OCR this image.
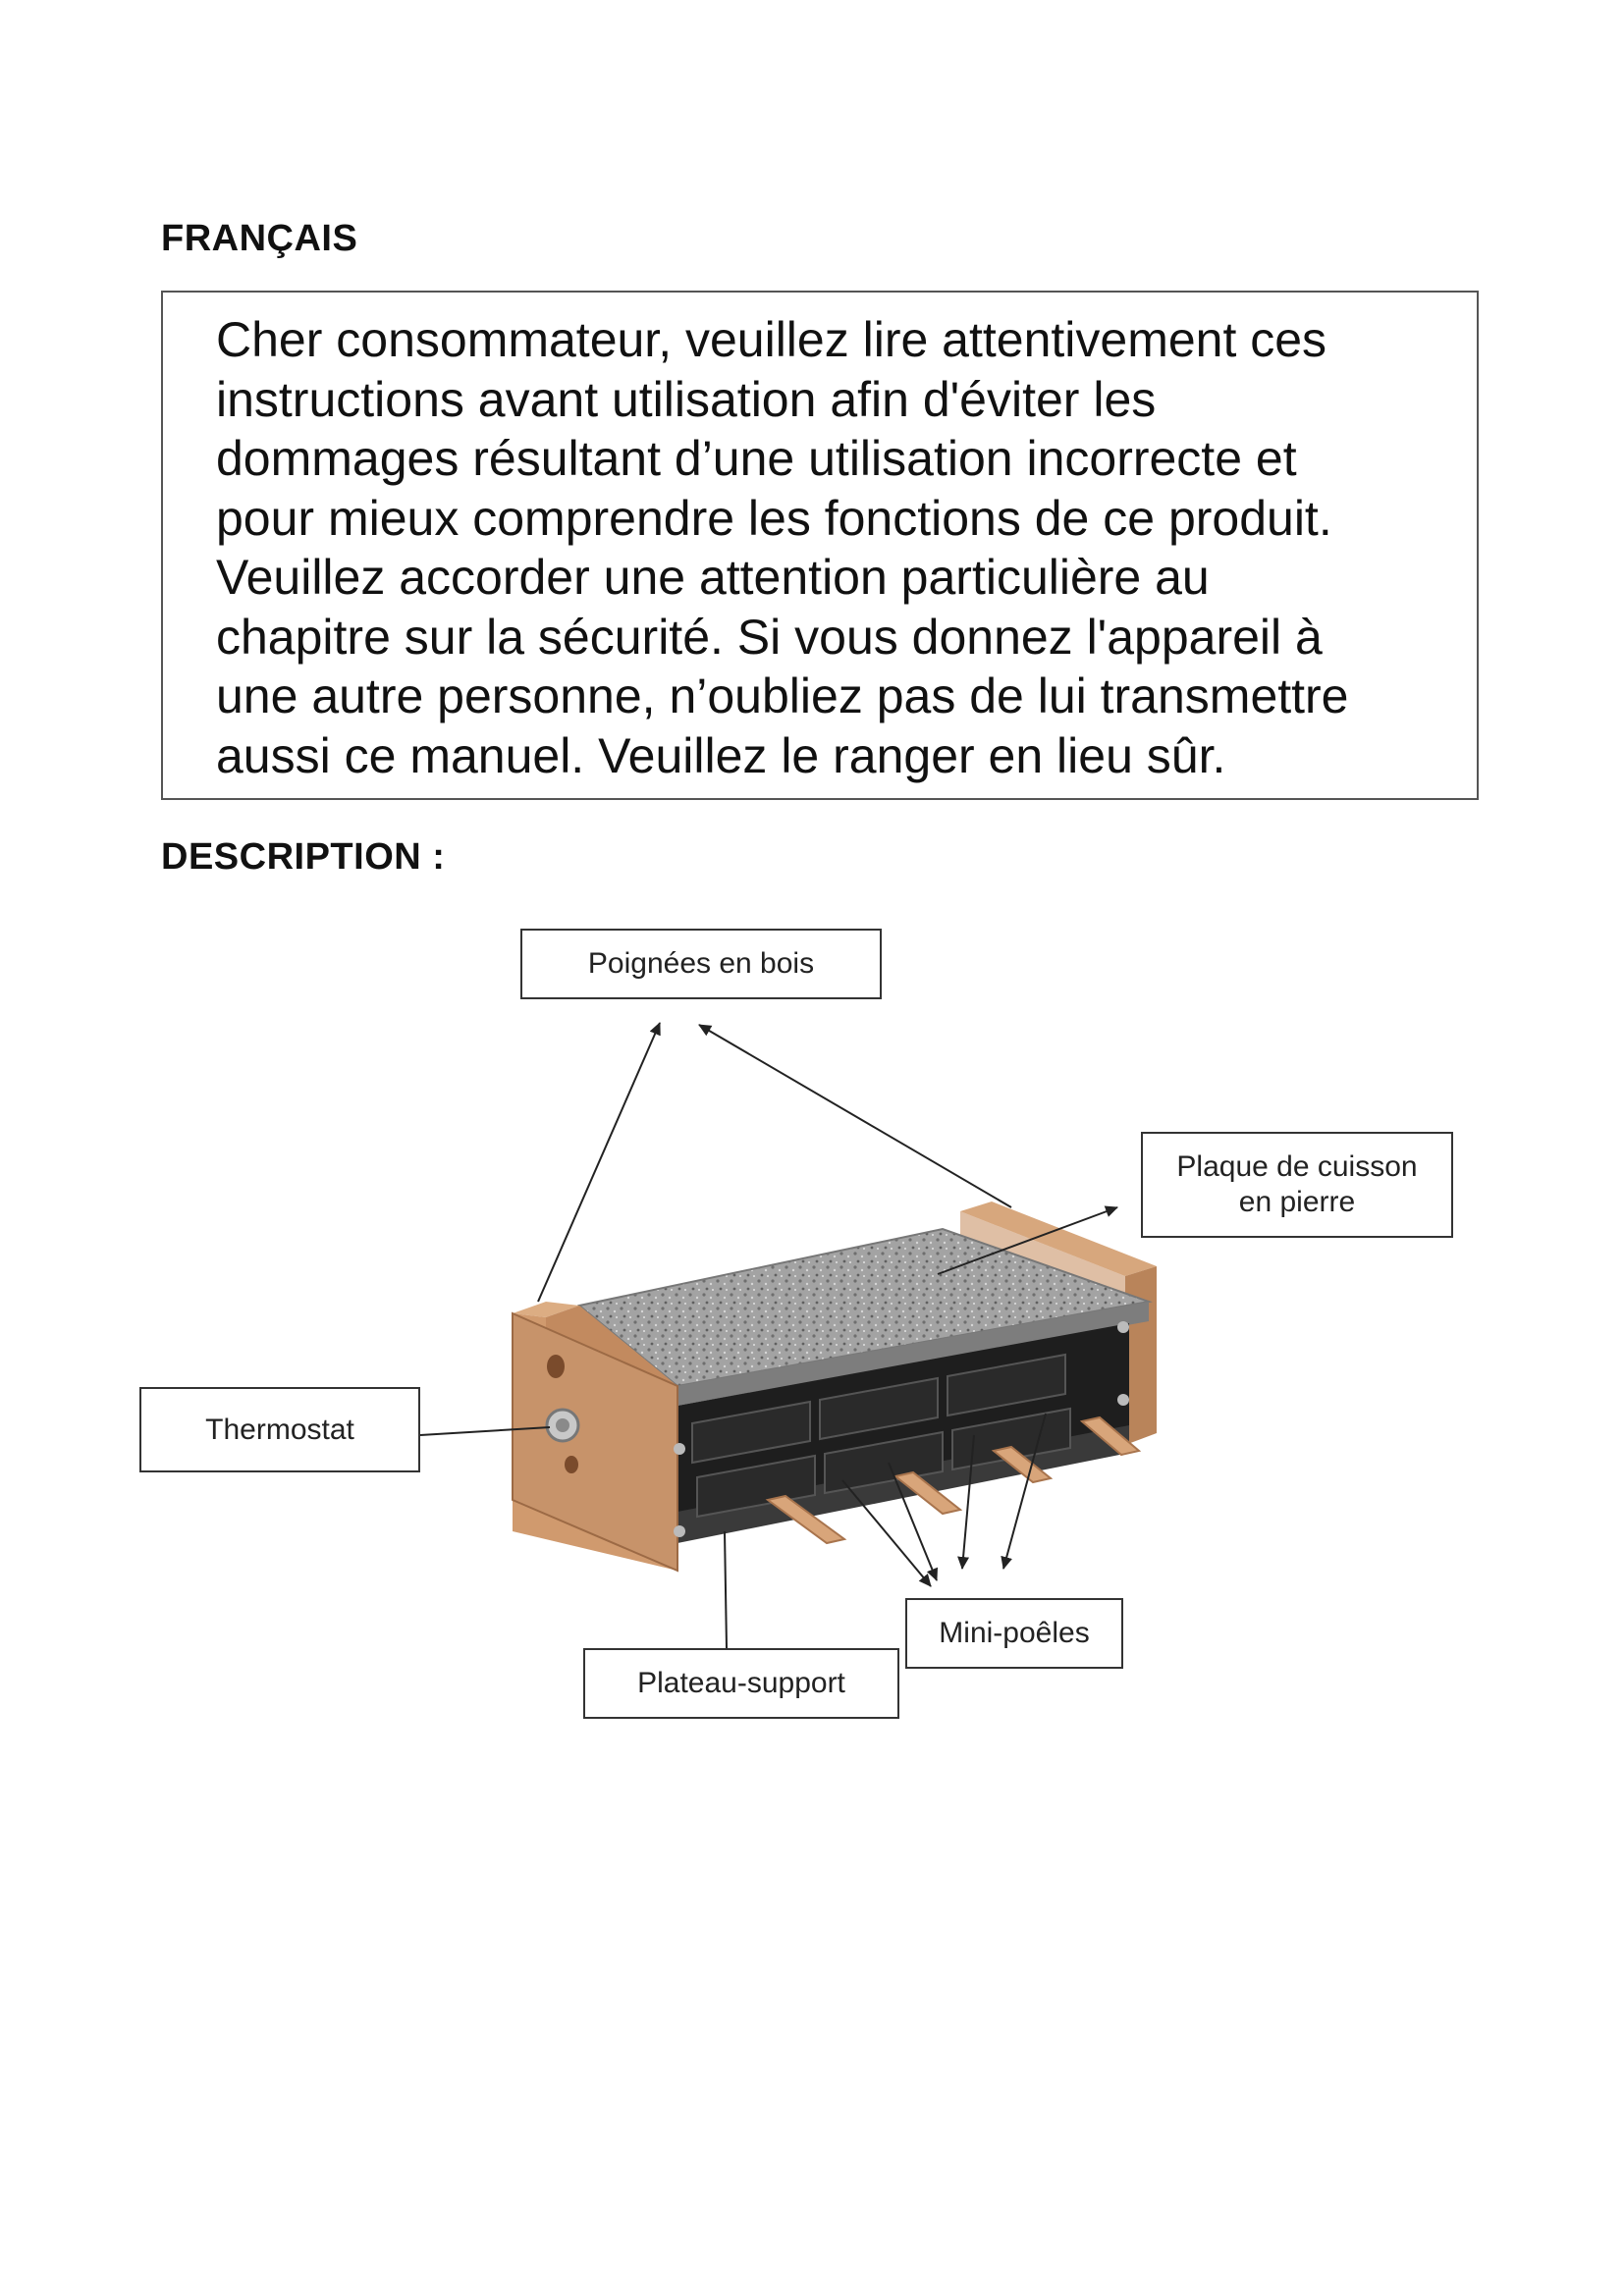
FRANÇAIS
Cher consommateur, veuillez lire attentivement ces
instructions avant utilisation afin d'éviter les
dommages résultant d’une utilisation incorrecte et
pour mieux comprendre les fonctions de ce produit.
Veuillez accorder une attention particulière au
chapitre sur la sécurité. Si vous donnez l'appareil à
une autre personne, n’oubliez pas de lui transmettre
aussi ce manuel. Veuillez le ranger en lieu sûr.
DESCRIPTION :
Poignées en bois
Plaque de cuisson
en pierre
Thermostat
Mini-poêles
Plateau-support
